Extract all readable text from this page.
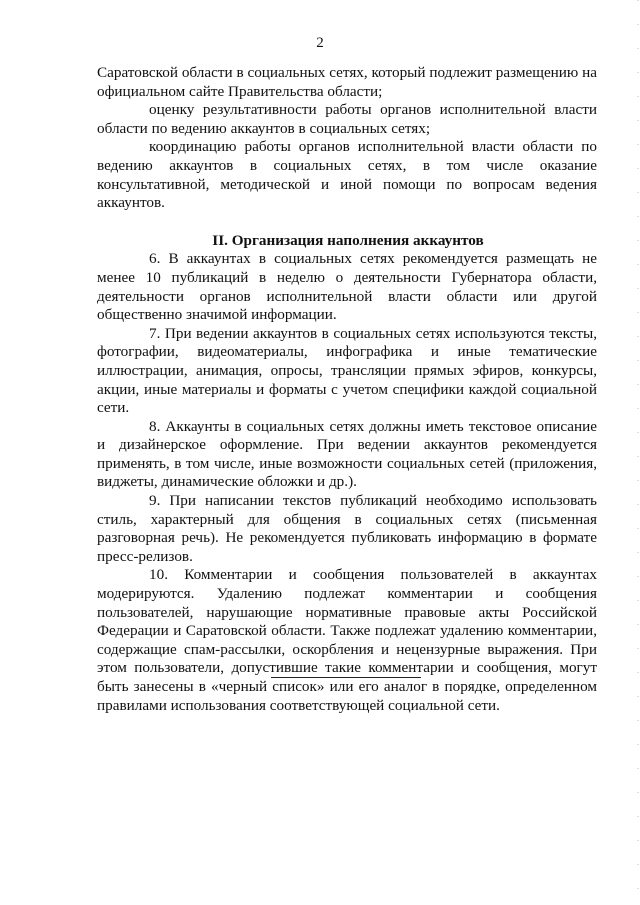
2

Саратовской области в социальных сетях, который подлежит размещению на официальном сайте Правительства области;

оценку результативности работы органов исполнительной власти области по ведению аккаунтов в социальных сетях;

координацию работы органов исполнительной власти области по ведению аккаунтов в социальных сетях, в том числе оказание консультативной, методической и иной помощи по вопросам ведения аккаунтов.

II. Организация наполнения аккаунтов

6. В аккаунтах в социальных сетях рекомендуется размещать не менее 10 публикаций в неделю о деятельности Губернатора области, деятельности органов исполнительной власти области или другой общественно значимой информации.

7. При ведении аккаунтов в социальных сетях используются тексты, фотографии, видеоматериалы, инфографика и иные тематические иллюстрации, анимация, опросы, трансляции прямых эфиров, конкурсы, акции, иные материалы и форматы с учетом специфики каждой социальной сети.

8. Аккаунты в социальных сетях должны иметь текстовое описание и дизайнерское оформление. При ведении аккаунтов рекомендуется применять, в том числе, иные возможности социальных сетей (приложения, виджеты, динамические обложки и др.).

9. При написании текстов публикаций необходимо использовать стиль, характерный для общения в социальных сетях (письменная разговорная речь). Не рекомендуется публиковать информацию в формате пресс-релизов.

10. Комментарии и сообщения пользователей в аккаунтах модерируются. Удалению подлежат комментарии и сообщения пользователей, нарушающие нормативные правовые акты Российской Федерации и Саратовской области. Также подлежат удалению комментарии, содержащие спам-рассылки, оскорбления и нецензурные выражения. При этом пользователи, допустившие такие комментарии и сообщения, могут быть занесены в «черный список» или его аналог в порядке, определенном правилами использования соответствующей социальной сети.
